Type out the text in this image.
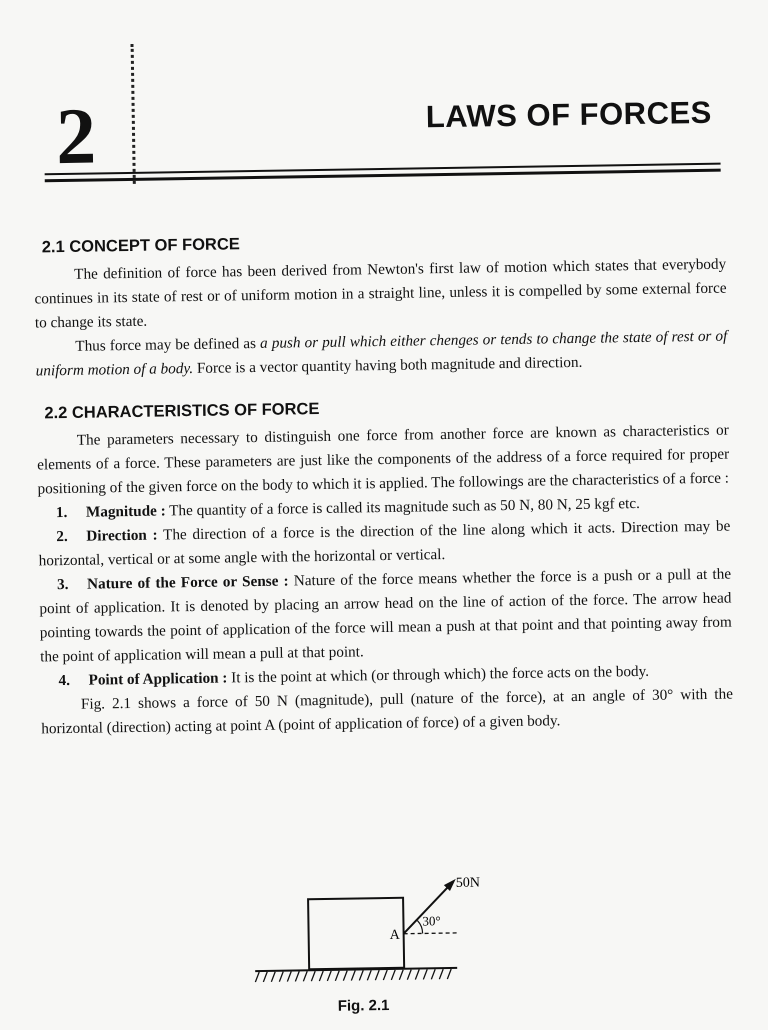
2	LAWS OF FORCES
2.1 CONCEPT OF FORCE

The definition of force has been derived from Newton's first law of motion which states that everybody continues in its state of rest or of uniform motion in a straight line, unless it is compelled by some external force to change its state.

Thus force may be defined as a push or pull which either chenges or tends to change the state of rest or of uniform motion of a body. Force is a vector quantity having both magnitude and direction.

2.2 CHARACTERISTICS OF FORCE

The parameters necessary to distinguish one force from another force are known as characteristics or elements of a force. These parameters are just like the components of the address of a force required for proper positioning of the given force on the body to which it is applied. The followings are the characteristics of a force :

1. Magnitude : The quantity of a force is called its magnitude such as 50 N, 80 N, 25 kgf etc.

2. Direction : The direction of a force is the direction of the line along which it acts. Direction may be horizontal, vertical or at some angle with the horizontal or vertical.

3. Nature of the Force or Sense : Nature of the force means whether the force is a push or a pull at the point of application. It is denoted by placing an arrow head on the line of action of the force. The arrow head pointing towards the point of application of the force will mean a push at that point and that pointing away from the point of application will mean a pull at that point.

4. Point of Application : It is the point at which (or through which) the force acts on the body.

Fig. 2.1 shows a force of 50 N (magnitude), pull (nature of the force), at an angle of 30° with the horizontal (direction) acting at point A (point of application of force) of a given body.

50N
A
30°
Fig. 2.1
